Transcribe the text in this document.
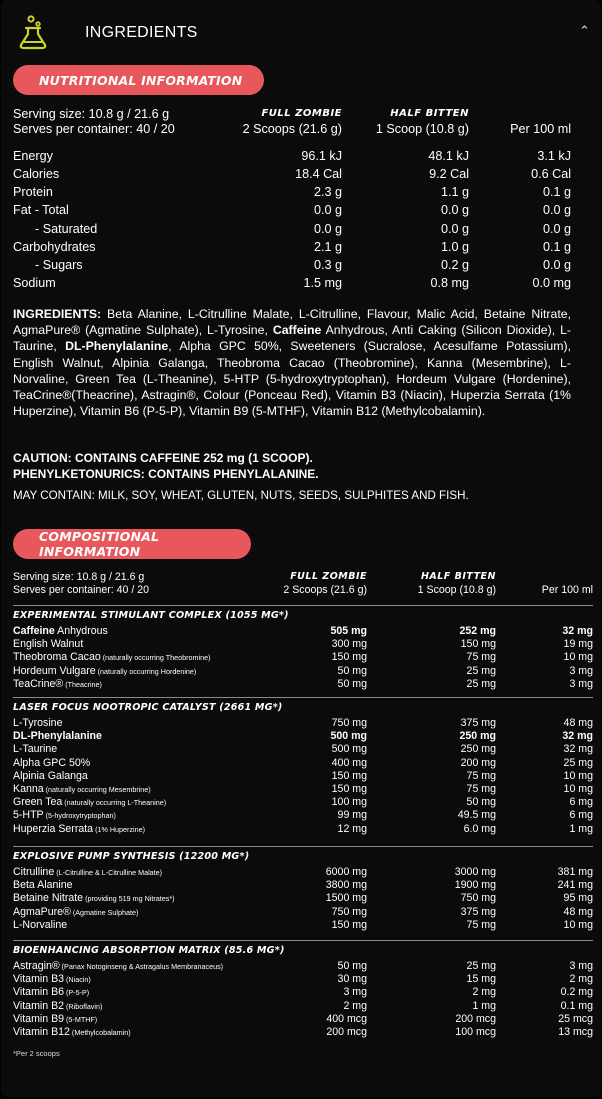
INGREDIENTS	⌃
NUTRITIONAL INFORMATION
Serving size: 10.8 g / 21.6 g	FULL ZOMBIE	HALF BITTEN
Serves per container: 40 / 20	2 Scoops (21.6 g)	1 Scoop (10.8 g)	Per 100 ml
Energy	96.1 kJ	48.1 kJ	3.1 kJ
Calories	18.4 Cal	9.2 Cal	0.6 Cal
Protein	2.3 g	1.1 g	0.1 g
Fat - Total	0.0 g	0.0 g	0.0 g
- Saturated	0.0 g	0.0 g	0.0 g
Carbohydrates	2.1 g	1.0 g	0.1 g
- Sugars	0.3 g	0.2 g	0.0 g
Sodium	1.5 mg	0.8 mg	0.0 mg
INGREDIENTS: Beta Alanine, L-Citrulline Malate, L-Citrulline, Flavour, Malic Acid, Betaine Nitrate, AgmaPure® (Agmatine Sulphate), L-Tyrosine, Caffeine Anhydrous, Anti Caking (Silicon Dioxide), L-Taurine, DL-Phenylalanine, Alpha GPC 50%, Sweeteners (Sucralose, Acesulfame Potassium), English Walnut, Alpinia Galanga, Theobroma Cacao (Theobromine), Kanna (Mesembrine), L-Norvaline, Green Tea (L-Theanine), 5-HTP (5-hydroxytryptophan), Hordeum Vulgare (Hordenine), TeaCrine®(Theacrine), Astragin®, Colour (Ponceau Red), Vitamin B3 (Niacin), Huperzia Serrata (1% Huperzine), Vitamin B6 (P-5-P), Vitamin B9 (5-MTHF), Vitamin B12 (Methylcobalamin).
CAUTION: CONTAINS CAFFEINE 252 mg (1 SCOOP).
PHENYLKETONURICS: CONTAINS PHENYLALANINE.
MAY CONTAIN: MILK, SOY, WHEAT, GLUTEN, NUTS, SEEDS, SULPHITES AND FISH.
COMPOSITIONAL INFORMATION
Serving size: 10.8 g / 21.6 g	FULL ZOMBIE	HALF BITTEN
Serves per container: 40 / 20	2 Scoops (21.6 g)	1 Scoop (10.8 g)	Per 100 ml
EXPERIMENTAL STIMULANT COMPLEX (1055 MG*)
Caffeine Anhydrous	505 mg	252 mg	32 mg
English Walnut	300 mg	150 mg	19 mg
Theobroma Cacao (naturally occurring Theobromine)	150 mg	75 mg	10 mg
Hordeum Vulgare (naturally occurring Hordenine)	50 mg	25 mg	3 mg
TeaCrine® (Theacrine)	50 mg	25 mg	3 mg
LASER FOCUS NOOTROPIC CATALYST (2661 MG*)
L-Tyrosine	750 mg	375 mg	48 mg
DL-Phenylalanine	500 mg	250 mg	32 mg
L-Taurine	500 mg	250 mg	32 mg
Alpha GPC 50%	400 mg	200 mg	25 mg
Alpinia Galanga	150 mg	75 mg	10 mg
Kanna (naturally occurring Mesembrine)	150 mg	75 mg	10 mg
Green Tea (naturally occurring L-Theanine)	100 mg	50 mg	6 mg
5-HTP (5-hydroxytryptophan)	99 mg	49.5 mg	6 mg
Huperzia Serrata (1% Huperzine)	12 mg	6.0 mg	1 mg
EXPLOSIVE PUMP SYNTHESIS (12200 MG*)
Citrulline (L-Citrulline & L-Citrulline Malate)	6000 mg	3000 mg	381 mg
Beta Alanine	3800 mg	1900 mg	241 mg
Betaine Nitrate (providing 519 mg Nitrates*)	1500 mg	750 mg	95 mg
AgmaPure® (Agmatine Sulphate)	750 mg	375 mg	48 mg
L-Norvaline	150 mg	75 mg	10 mg
BIOENHANCING ABSORPTION MATRIX (85.6 MG*)
Astragin® (Panax Notoginseng & Astragalus Membranaceus)	50 mg	25 mg	3 mg
Vitamin B3 (Niacin)	30 mg	15 mg	2 mg
Vitamin B6 (P-5-P)	3 mg	2 mg	0.2 mg
Vitamin B2 (Riboflavin)	2 mg	1 mg	0.1 mg
Vitamin B9 (5-MTHF)	400 mcg	200 mcg	25 mcg
Vitamin B12 (Methylcobalamin)	200 mcg	100 mcg	13 mcg
*Per 2 scoops
